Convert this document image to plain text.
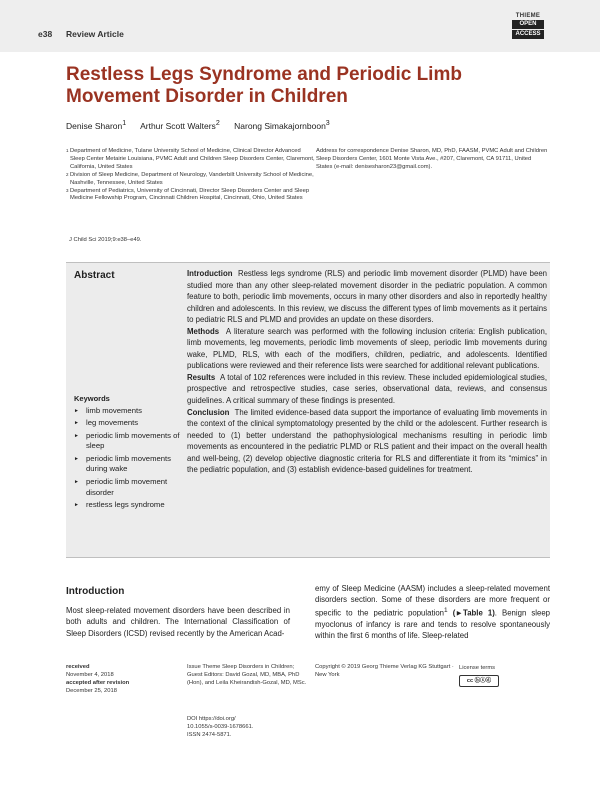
e38 Review Article
THIEME
OPEN
ACCESS
Restless Legs Syndrome and Periodic Limb Movement Disorder in Children
Denise Sharon$^1$ Arthur Scott Walters$^2$ Narong Simakajornboon$^3$
1 Department of Medicine, Tulane University School of Medicine, Clinical Director Advanced Sleep Center Metairie Louisiana, PVMC Adult and Children Sleep Disorders Center, Claremont, California, United States
2 Division of Sleep Medicine, Department of Neurology, Vanderbilt University School of Medicine, Nashville, Tennessee, United States
3 Department of Pediatrics, University of Cincinnati, Director Sleep Disorders Center and Sleep Medicine Fellowship Program, Cincinnati Children Hospital, Cincinnati, Ohio, United States
Address for correspondence Denise Sharon, MD, PhD, FAASM, PVMC Adult and Children Sleep Disorders Center, 1601 Monte Vista Ave., #207, Claremont, CA 91711, United States (e-mail: denisesharon23@gmail.com).
J Child Sci 2019;9:e38–e49.
Abstract
Keywords
► limb movements
► leg movements
► periodic limb movements of sleep
► periodic limb movements during wake
► periodic limb movement disorder
► restless legs syndrome

Introduction Restless legs syndrome (RLS) and periodic limb movement disorder (PLMD) have been studied more than any other sleep-related movement disorder in the pediatric population. A common feature to both, periodic limb movements, occurs in many other disorders and also in reportedly healthy children and adolescents. In this review, we discuss the different types of limb movements as it pertains to pediatric RLS and PLMD and provides an update on these disorders.

Methods A literature search was performed with the following inclusion criteria: English publication, limb movements, leg movements, periodic limb movements of sleep, periodic limb movements during wake, PLMD, RLS, with each of the modifiers, children, pediatric, and adolescents. Identified publications were reviewed and their reference lists were searched for additional relevant publications.

Results A total of 102 references were included in this review. These included epidemiological studies, prospective and retrospective studies, case series, observational data, reviews, and consensus guidelines. A critical summary of these findings is presented.

Conclusion The limited evidence-based data support the importance of evaluating limb movements in the context of the clinical symptomatology presented by the child or the adolescent. Further research is needed to (1) better understand the pathophysiological mechanisms resulting in periodic limb movements as encountered in the pediatric PLMD or RLS patient and their impact on the overall health and well-being, (2) develop objective diagnostic criteria for RLS and differentiate it from its “mimics” in the pediatric population, and (3) establish evidence-based guidelines for treatment.

Introduction

Most sleep-related movement disorders have been described in both adults and children. The International Classification of Sleep Disorders (ICSD) revised recently by the American Acad-

emy of Sleep Medicine (AASM) includes a sleep-related movement disorders section. Some of these disorders are more frequent or specific to the pediatric population$^1$ (►Table 1). Benign sleep myoclonus of infancy is rare and tends to resolve spontaneously within the first 6 months of life. Sleep-related

received
November 4, 2018
accepted after revision
December 25, 2018
Issue Theme Sleep Disorders in Children; Guest Editors: David Gozal, MD, MBA, PhD (Hon), and Leila Kheirandish-Gozal, MD, MSc.
DOI https://doi.org/
10.1055/s-0039-1678661.
ISSN 2474-5871.
Copyright © 2019 Georg Thieme Verlag KG Stuttgart · New York
License terms
cc ⓑⓢⓓ
